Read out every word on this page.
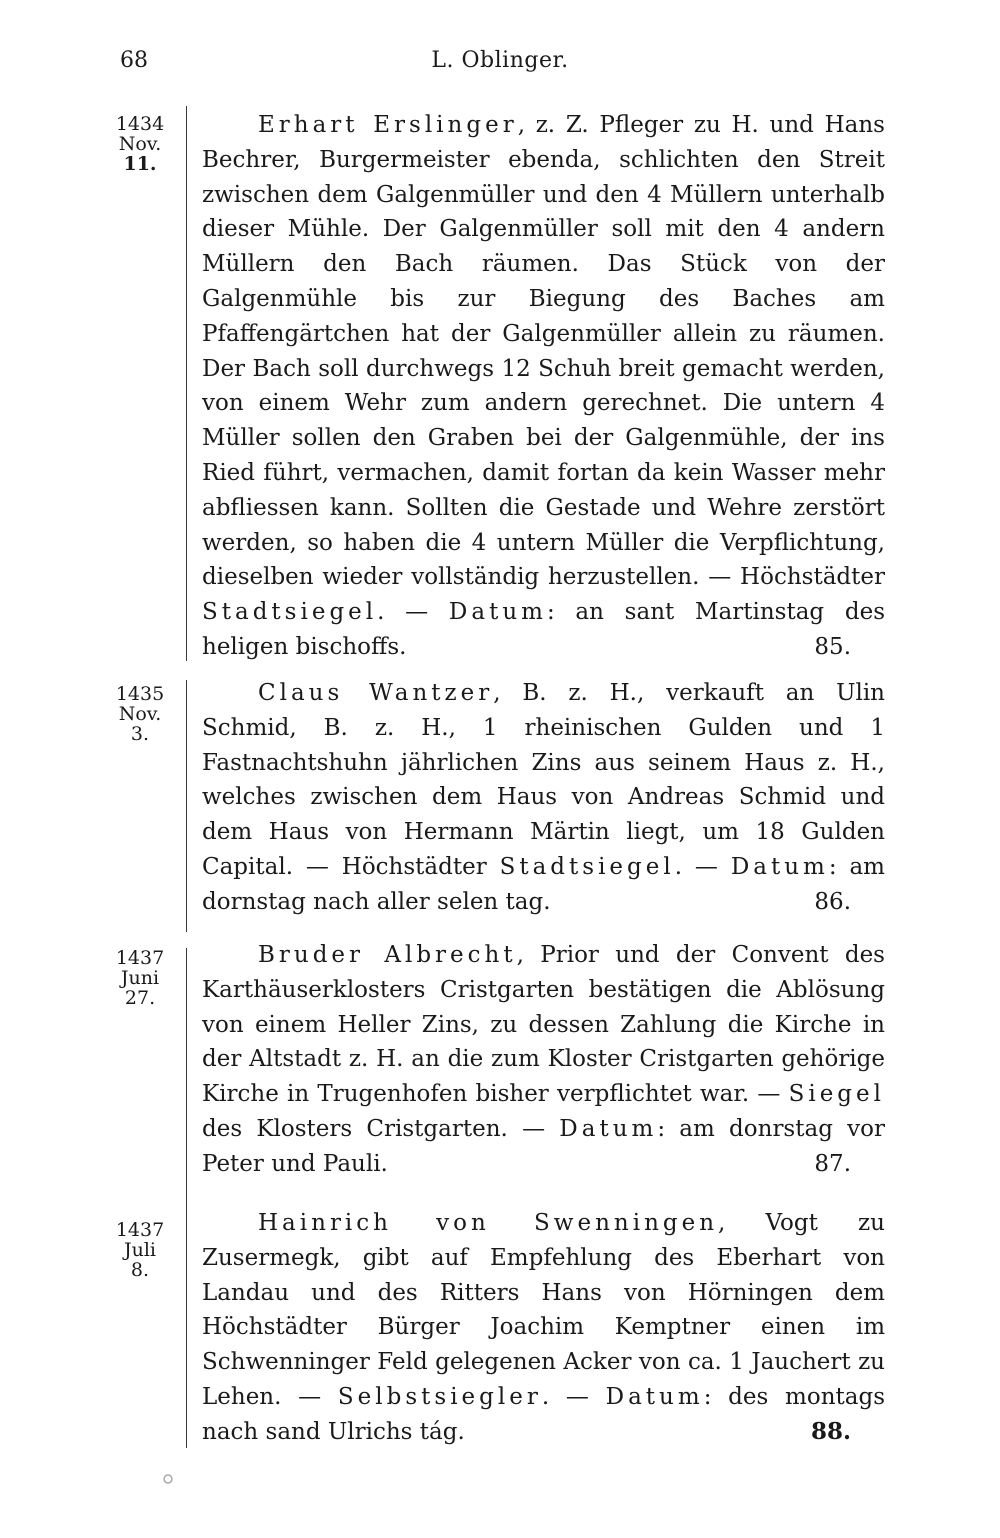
68	L. Oblinger.
1434
Nov.
11.
Erhart Erslinger, z. Z. Pfleger zu H. und Hans Bechrer, Burgermeister ebenda, schlichten den Streit zwischen dem Galgenmüller und den 4 Müllern unterhalb dieser Mühle. Der Galgenmüller soll mit den 4 andern Müllern den Bach räumen. Das Stück von der Galgenmühle bis zur Biegung des Baches am Pfaffengärtchen hat der Galgenmüller allein zu räumen. Der Bach soll durchwegs 12 Schuh breit gemacht werden, von einem Wehr zum andern gerechnet. Die untern 4 Müller sollen den Graben bei der Galgenmühle, der ins Ried führt, vermachen, damit fortan da kein Wasser mehr abfliessen kann. Sollten die Gestade und Wehre zerstört werden, so haben die 4 untern Müller die Verpflichtung, dieselben wieder vollständig herzustellen. — Höchstädter Stadtsiegel. — Datum: an sant Martinstag des heligen bischoffs.	85.
1435
Nov.
3.
Claus Wantzer, B. z. H., verkauft an Ulin Schmid, B. z. H., 1 rheinischen Gulden und 1 Fastnachtshuhn jährlichen Zins aus seinem Haus z. H., welches zwischen dem Haus von Andreas Schmid und dem Haus von Hermann Märtin liegt, um 18 Gulden Capital. — Höchstädter Stadtsiegel. — Datum: am dornstag nach aller selen tag.	86.
1437
Juni
27.
Bruder Albrecht, Prior und der Convent des Karthäuserklosters Cristgarten bestätigen die Ablösung von einem Heller Zins, zu dessen Zahlung die Kirche in der Altstadt z. H. an die zum Kloster Cristgarten gehörige Kirche in Trugenhofen bisher verpflichtet war. — Siegel des Klosters Cristgarten. — Datum: am donrstag vor Peter und Pauli.	87.
1437
Juli
8.
Hainrich von Swenningen, Vogt zu Zusermegk, gibt auf Empfehlung des Eberhart von Landau und des Ritters Hans von Hörningen dem Höchstädter Bürger Joachim Kemptner einen im Schwenninger Feld gelegenen Acker von ca. 1 Jauchert zu Lehen. — Selbstsiegler. — Datum: des montags nach sand Ulrichs tág.	88.
